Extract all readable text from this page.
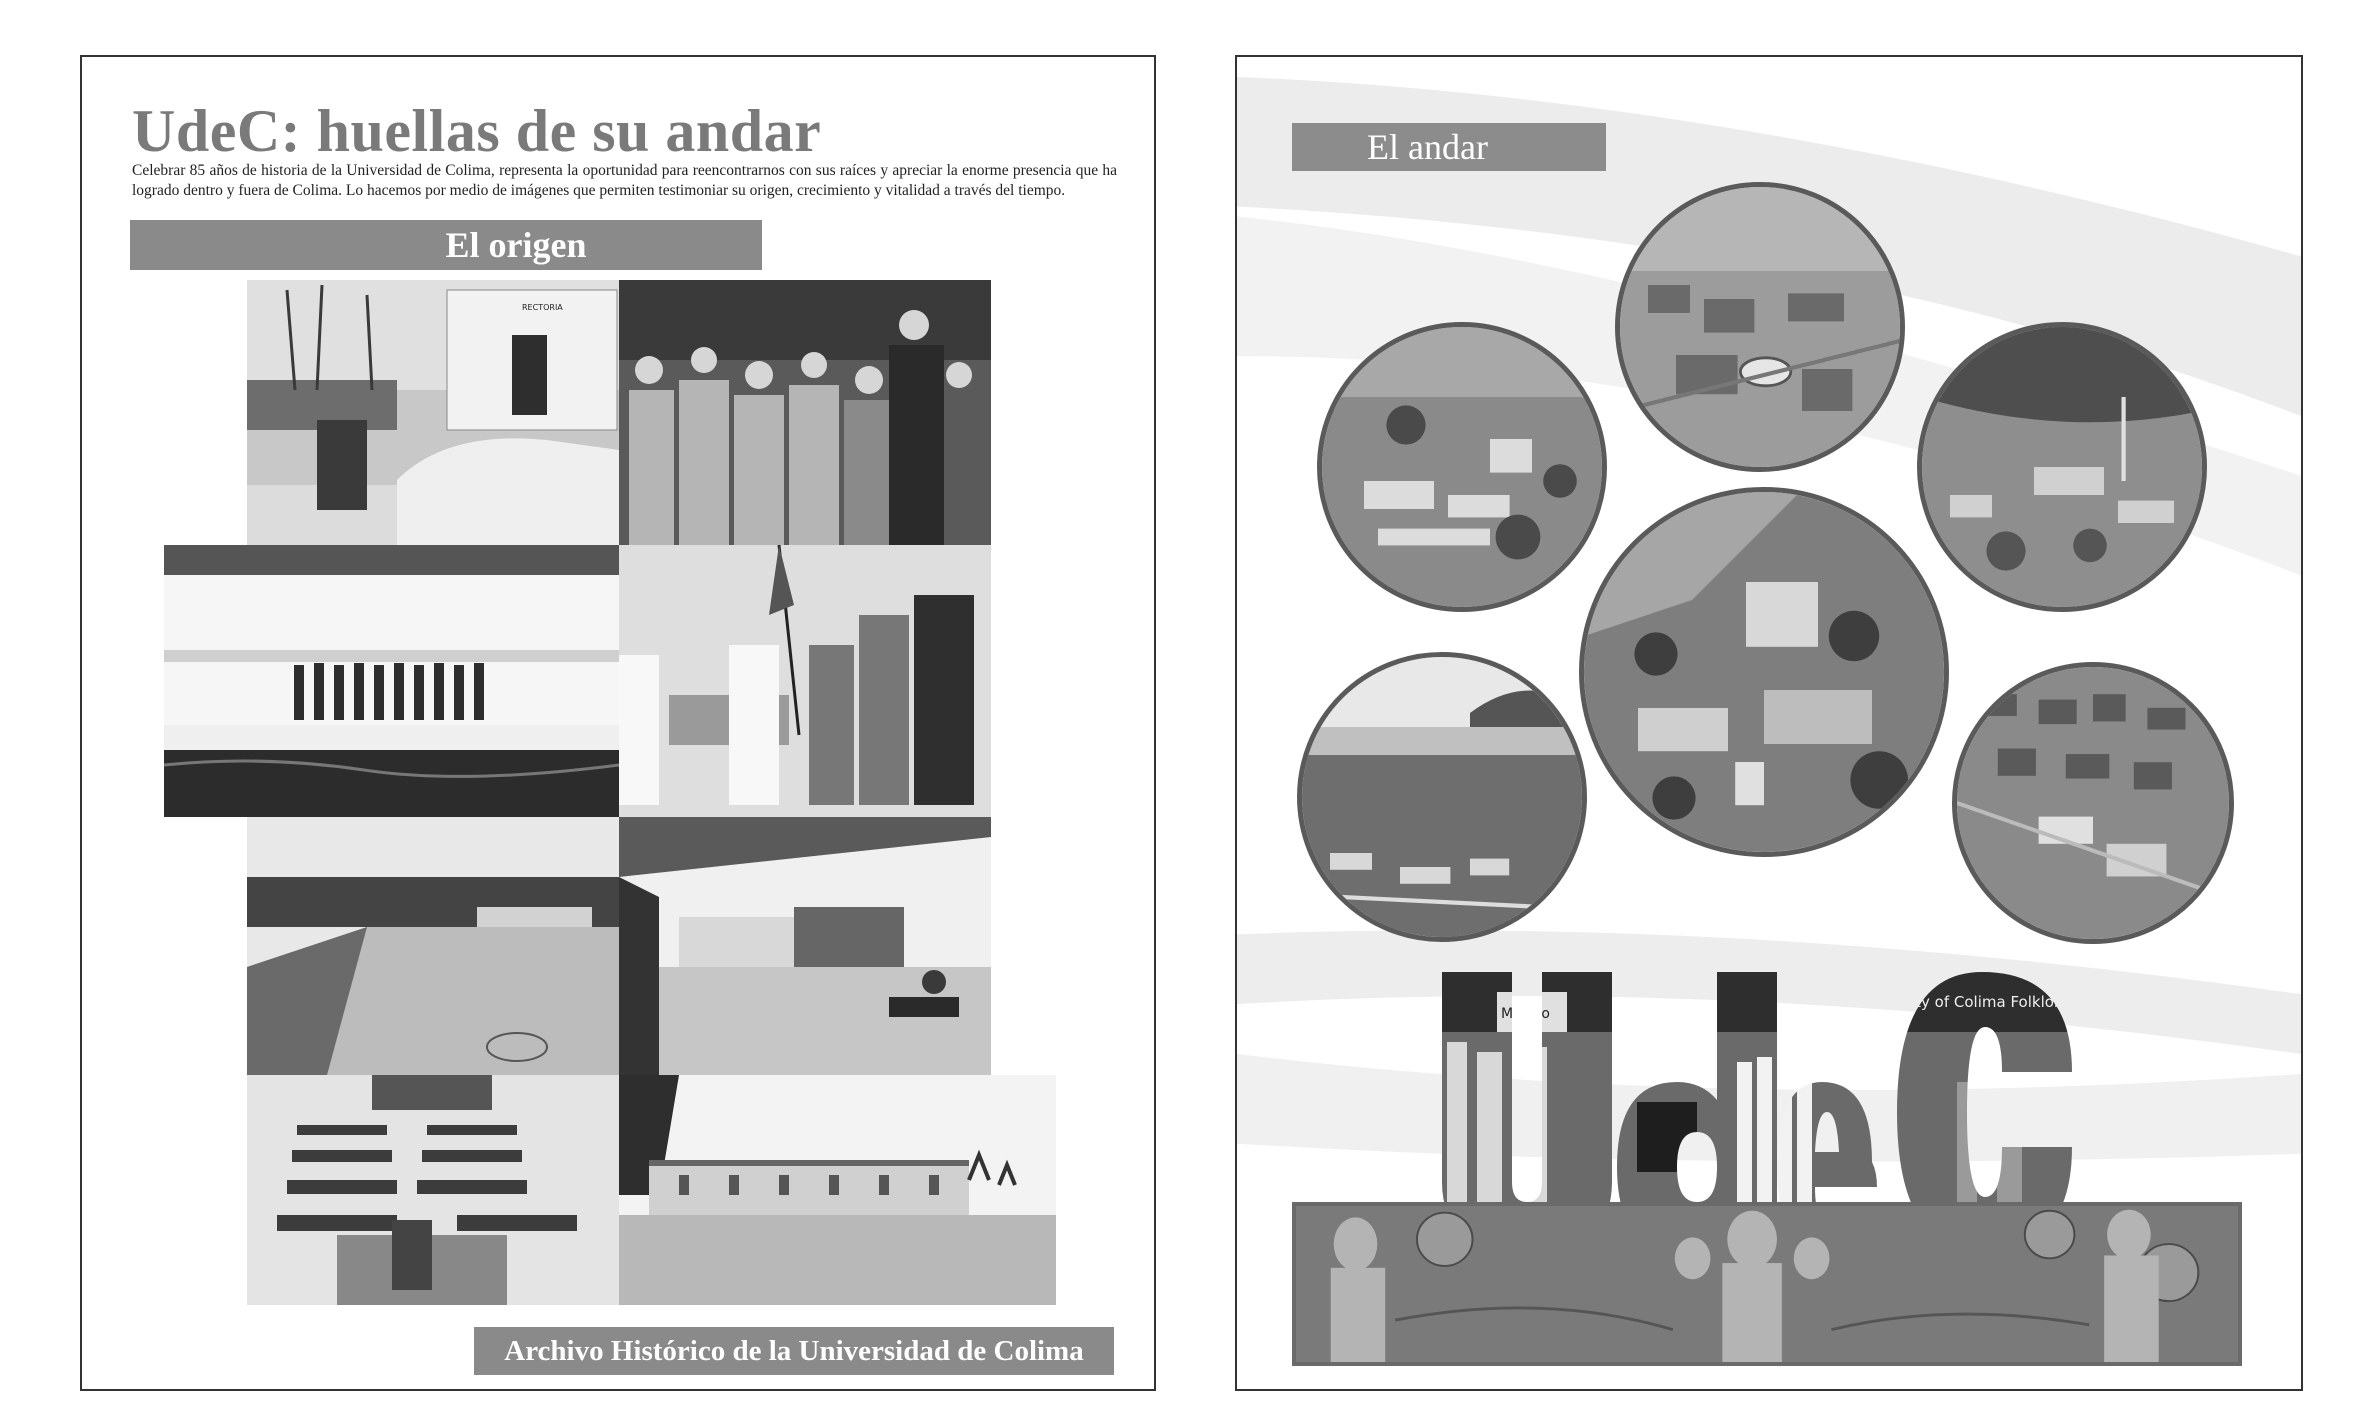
UdeC: huellas de su andar

Celebrar 85 años de historia de la Universidad de Colima, representa la oportunidad para reencontrarnos con sus raíces y apreciar la enorme presencia que ha logrado dentro y fuera de Colima. Lo hacemos por medio de imágenes que permiten testimoniar su origen, crecimiento y vitalidad a través del tiempo.

El origen
RECTORIA
Archivo Histórico de la Universidad de Colima
El andar
